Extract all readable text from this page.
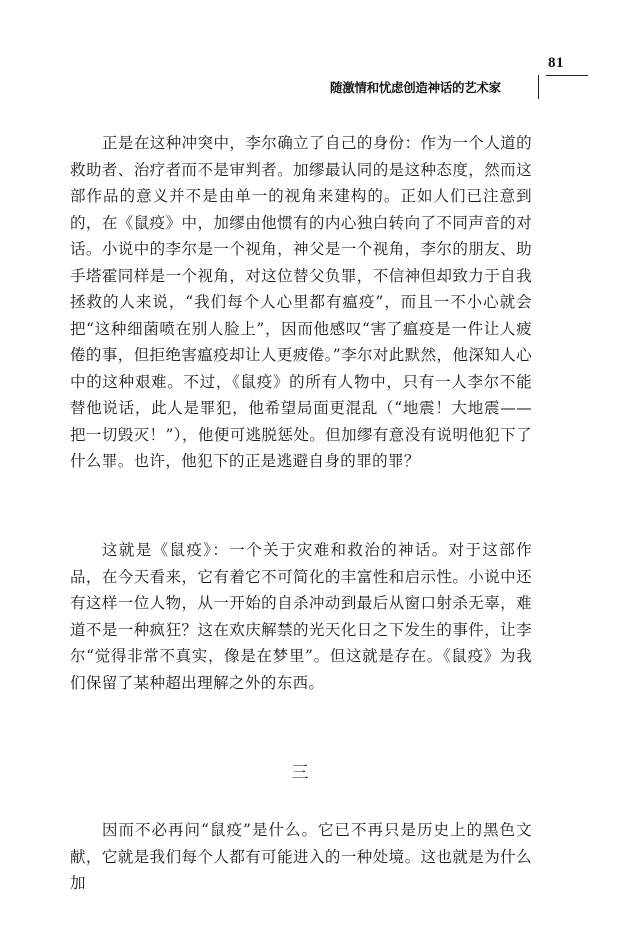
81
随激情和忧虑创造神话的艺术家

正是在这种冲突中，李尔确立了自己的身份：作为一个人道的救助者、治疗者而不是审判者。加缪最认同的是这种态度，然而这部作品的意义并不是由单一的视角来建构的。正如人们已注意到的，在《鼠疫》中，加缪由他惯有的内心独白转向了不同声音的对话。小说中的李尔是一个视角，神父是一个视角，李尔的朋友、助手塔霍同样是一个视角，对这位替父负罪，不信神但却致力于自我拯救的人来说，“我们每个人心里都有瘟疫”，而且一不小心就会把“这种细菌喷在别人脸上”，因而他感叹“害了瘟疫是一件让人疲倦的事，但拒绝害瘟疫却让人更疲倦。”李尔对此默然，他深知人心中的这种艰难。不过，《鼠疫》的所有人物中，只有一人李尔不能替他说话，此人是罪犯，他希望局面更混乱（“地震！大地震——把一切毁灭！”），他便可逃脱惩处。但加缪有意没有说明他犯下了什么罪。也许，他犯下的正是逃避自身的罪的罪？

这就是《鼠疫》：一个关于灾难和救治的神话。对于这部作品，在今天看来，它有着它不可简化的丰富性和启示性。小说中还有这样一位人物，从一开始的自杀冲动到最后从窗口射杀无辜，难道不是一种疯狂？这在欢庆解禁的光天化日之下发生的事件，让李尔“觉得非常不真实，像是在梦里”。但这就是存在。《鼠疫》为我们保留了某种超出理解之外的东西。

三

因而不必再问“鼠疫”是什么。它已不再只是历史上的黑色文献，它就是我们每个人都有可能进入的一种处境。这也就是为什么加
